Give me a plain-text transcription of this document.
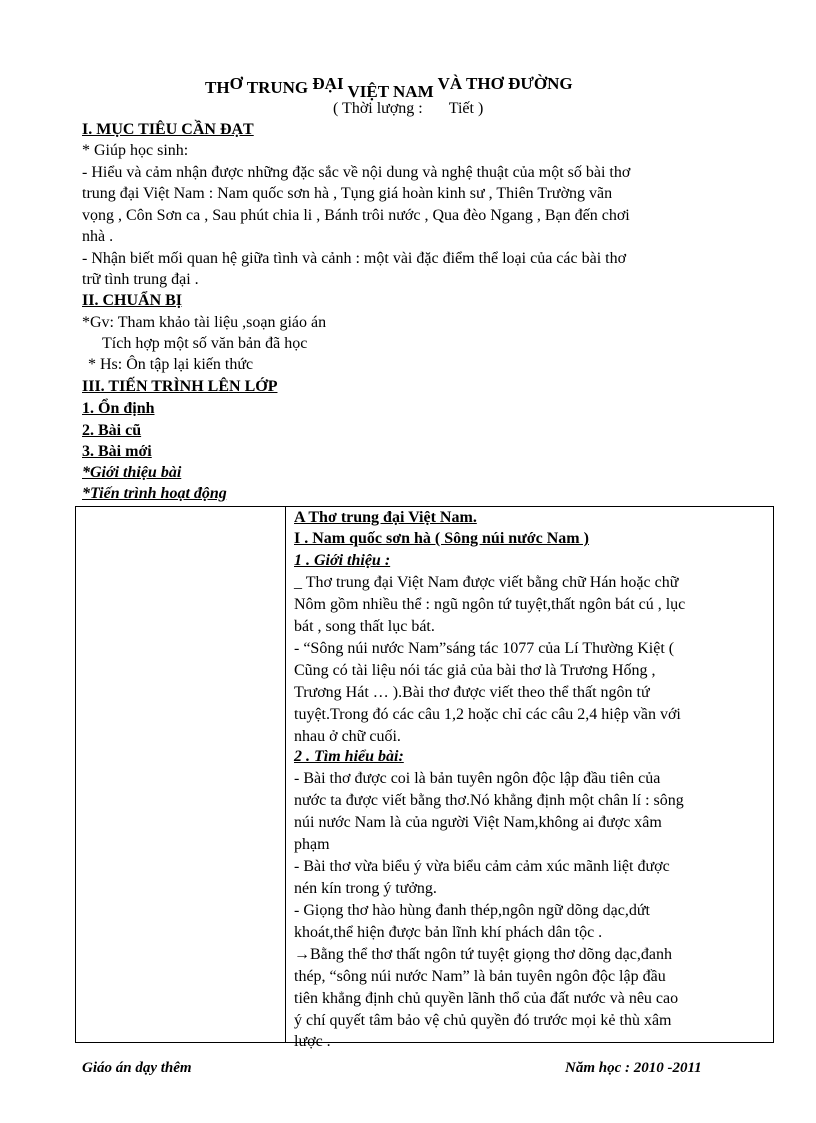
THƠ TRUNG ĐẠI VIỆT NAM VÀ THƠ ĐƯỜNG
( Thời lượng : Tiết )
I. MỤC TIÊU CẦN ĐẠT
* Giúp học sinh:
- Hiểu và cảm nhận được những đặc sắc về nội dung và nghệ thuật của một số bài thơ
trung đại Việt Nam : Nam quốc sơn hà , Tụng giá hoàn kinh sư , Thiên Trường vãn
vọng , Côn Sơn ca , Sau phút chia li , Bánh trôi nước , Qua đèo Ngang , Bạn đến chơi
nhà .
- Nhận biết mối quan hệ giữa tình và cảnh : một vài đặc điểm thể loại của các bài thơ
trữ tình trung đại .
II. CHUẨN BỊ
*Gv: Tham khảo tài liệu ,soạn giáo án
Tích hợp một số văn bản đã học
* Hs: Ôn tập lại kiến thức
III. TIẾN TRÌNH LÊN LỚP
1. Ổn định
2. Bài cũ
3. Bài mới
*Giới thiệu bài
*Tiến trình hoạt động

A Thơ trung đại Việt Nam.
I . Nam quốc sơn hà ( Sông núi nước Nam )
1 . Giới thiệu :
_ Thơ trung đại Việt Nam được viết bằng chữ Hán hoặc chữ
Nôm gồm nhiều thể : ngũ ngôn tứ tuyệt,thất ngôn bát cú , lục
bát , song thất lục bát.
- “Sông núi nước Nam”sáng tác 1077 của Lí Thường Kiệt (
Cũng có tài liệu nói tác giả của bài thơ là Trương Hống ,
Trương Hát … ).Bài thơ được viết theo thể thất ngôn tứ
tuyệt.Trong đó các câu 1,2 hoặc chỉ các câu 2,4 hiệp vần với
nhau ở chữ cuối.
2 . Tìm hiểu bài:
- Bài thơ được coi là bản tuyên ngôn độc lập đầu tiên của
nước ta được viết bằng thơ.Nó khẳng định một chân lí : sông
núi nước Nam là của người Việt Nam,không ai được xâm
phạm
- Bài thơ vừa biểu ý vừa biểu cảm cảm xúc mãnh liệt được
nén kín trong ý tưởng.
- Giọng thơ hào hùng đanh thép,ngôn ngữ dõng dạc,dứt
khoát,thể hiện được bản lĩnh khí phách dân tộc .
→Bằng thể thơ thất ngôn tứ tuyệt giọng thơ dõng dạc,đanh
thép, “sông núi nước Nam” là bản tuyên ngôn độc lập đầu
tiên khẳng định chủ quyền lãnh thổ của đất nước và nêu cao
ý chí quyết tâm bảo vệ chủ quyền đó trước mọi kẻ thù xâm
lược .
Giáo án dạy thêm	Năm học : 2010 -2011
